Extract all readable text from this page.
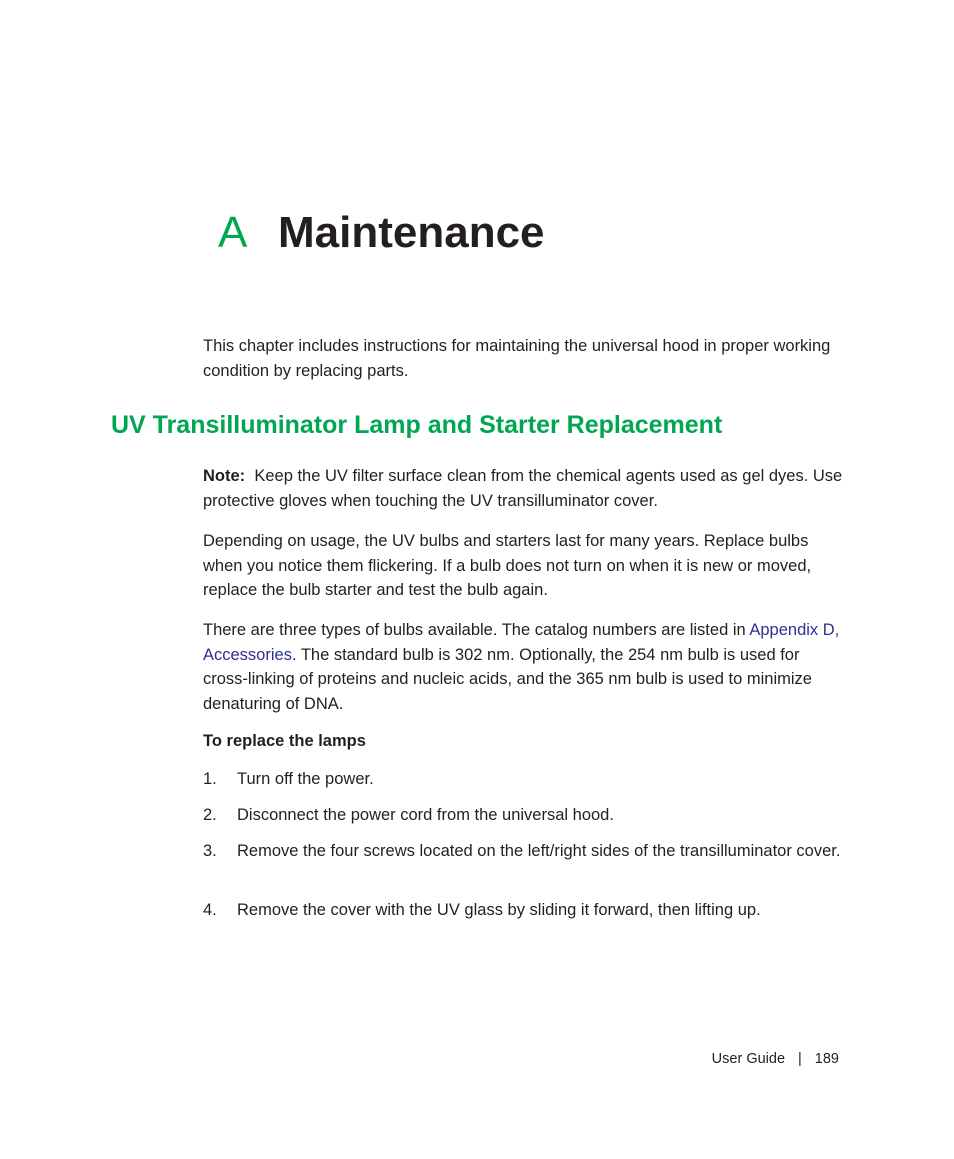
A Maintenance

This chapter includes instructions for maintaining the universal hood in proper working condition by replacing parts.

UV Transilluminator Lamp and Starter Replacement

Note: Keep the UV filter surface clean from the chemical agents used as gel dyes. Use protective gloves when touching the UV transilluminator cover.

Depending on usage, the UV bulbs and starters last for many years. Replace bulbs when you notice them flickering. If a bulb does not turn on when it is new or moved, replace the bulb starter and test the bulb again.

There are three types of bulbs available. The catalog numbers are listed in Appendix D, Accessories. The standard bulb is 302 nm. Optionally, the 254 nm bulb is used for cross-linking of proteins and nucleic acids, and the 365 nm bulb is used to minimize denaturing of DNA.

To replace the lamps
1.	Turn off the power.
2.	Disconnect the power cord from the universal hood.
3.	Remove the four screws located on the left/right sides of the transilluminator cover.
4.	Remove the cover with the UV glass by sliding it forward, then lifting up.
User Guide | 189
